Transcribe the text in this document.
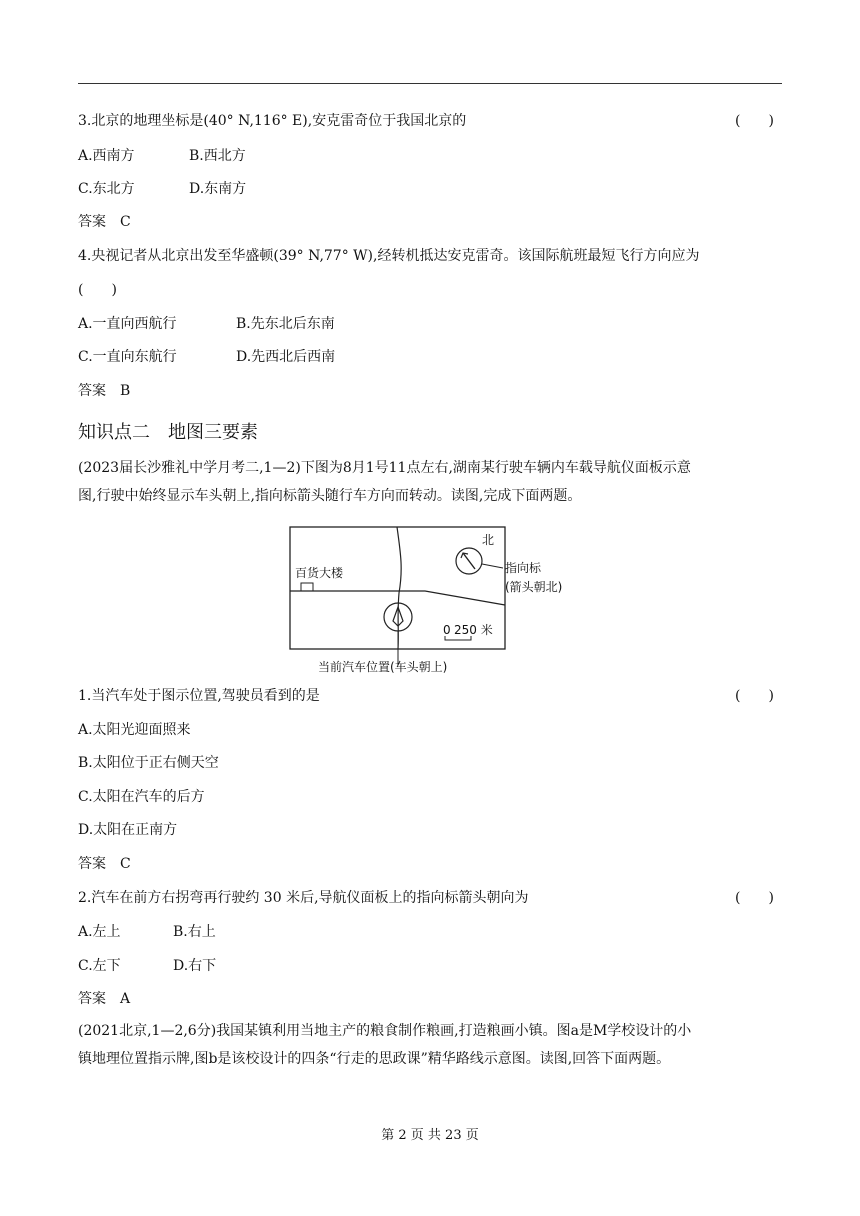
3.北京的地理坐标是(40° N,116° E),安克雷奇位于我国北京的	(　　)
A.西南方	B.西北方
C.东北方	D.东南方
答案　C
4.央视记者从北京出发至华盛顿(39° N,77° W),经转机抵达安克雷奇。该国际航班最短飞行方向应为
(　　)
A.一直向西航行	B.先东北后东南
C.一直向东航行	D.先西北后西南
答案　B
知识点二　地图三要素
(2023届长沙雅礼中学月考二,1—2)下图为8月1号11点左右,湖南某行驶车辆内车载导航仪面板示意
图,行驶中始终显示车头朝上,指向标箭头随行车方向而转动。读图,完成下面两题。
百货大楼
北
指向标
(箭头朝北)
当前汽车位置(车头朝上)
0 250 米
1.当汽车处于图示位置,驾驶员看到的是	(　　)
A.太阳光迎面照来
B.太阳位于正右侧天空
C.太阳在汽车的后方
D.太阳在正南方
答案　C
2.汽车在前方右拐弯再行驶约 30 米后,导航仪面板上的指向标箭头朝向为	(　　)
A.左上	B.右上
C.左下	D.右下
答案　A
(2021北京,1—2,6分)我国某镇利用当地主产的粮食制作粮画,打造粮画小镇。图a是M学校设计的小
镇地理位置指示牌,图b是该校设计的四条“行走的思政课”精华路线示意图。读图,回答下面两题。
第 2 页 共 23 页
